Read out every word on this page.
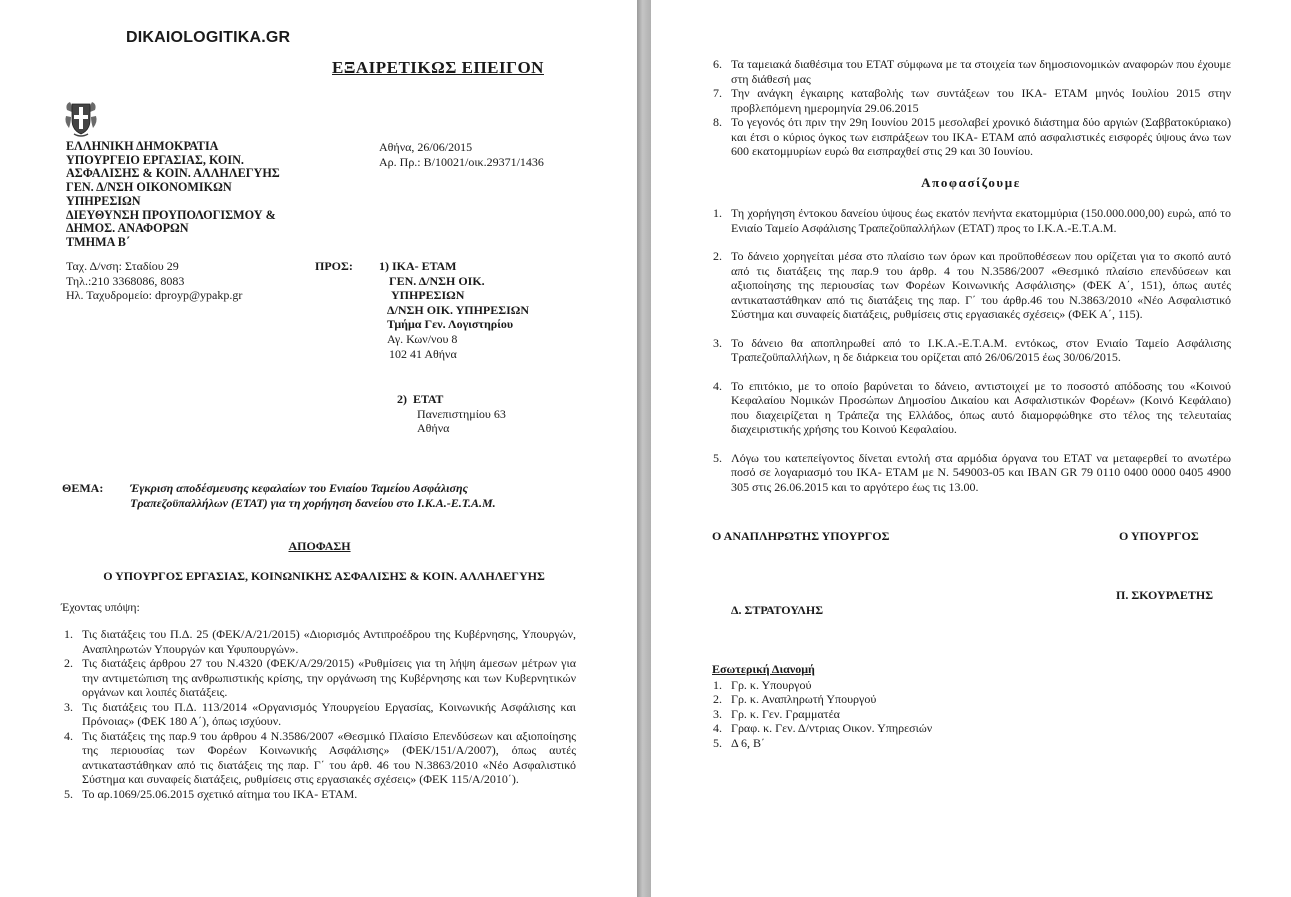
DIKAIOLOGITIKA.GR
ΕΞΑΙΡΕΤΙΚΩΣ ΕΠΕΙΓΟΝ
ΕΛΛΗΝΙΚΗ ΔΗΜΟΚΡΑΤΙΑ
ΥΠΟΥΡΓΕΙΟ ΕΡΓΑΣΙΑΣ, ΚΟΙΝ.
ΑΣΦΑΛΙΣΗΣ & ΚΟΙΝ. ΑΛΛΗΛΕΓΥΗΣ
ΓΕΝ. Δ/ΝΣΗ ΟΙΚΟΝΟΜΙΚΩΝ
ΥΠΗΡΕΣΙΩΝ
ΔΙΕΥΘΥΝΣΗ ΠΡΟΥΠΟΛΟΓΙΣΜΟΥ &
ΔΗΜΟΣ. ΑΝΑΦΟΡΩΝ
ΤΜΗΜΑ Β΄
Ταχ. Δ/νση: Σταδίου 29
Τηλ.:210 3368086, 8083
Ηλ. Ταχυδρομείο: dproyp@ypakp.gr
Αθήνα, 26/06/2015
Αρ. Πρ.: Β/10021/οικ.29371/1436
ΠΡΟΣ: 1) ΙΚΑ- ΕΤΑΜ
ΓΕΝ. Δ/ΝΣΗ ΟΙΚ.
ΥΠΗΡΕΣΙΩΝ
Δ/ΝΣΗ ΟΙΚ. ΥΠΗΡΕΣΙΩΝ
Τμήμα Γεν. Λογιστηρίου
Αγ. Κων/νου 8
102 41 Αθήνα
2) ΕΤΑΤ
Πανεπιστημίου 63
Αθήνα
ΘΕΜΑ: Έγκριση αποδέσμευσης κεφαλαίων του Ενιαίου Ταμείου Ασφάλισης
Τραπεζοϋπαλλήλων (ΕΤΑΤ) για τη χορήγηση δανείου στο Ι.Κ.Α.-Ε.Τ.Α.Μ.
ΑΠΟΦΑΣΗ
Ο ΥΠΟΥΡΓΟΣ ΕΡΓΑΣΙΑΣ, ΚΟΙΝΩΝΙΚΗΣ ΑΣΦΑΛΙΣΗΣ & ΚΟΙΝ. ΑΛΛΗΛΕΓΥΗΣ
Έχοντας υπόψη:
1. Τις διατάξεις του Π.Δ. 25 (ΦΕΚ/Α/21/2015) «Διορισμός Αντιπροέδρου της Κυβέρνησης, Υπουργών, Αναπληρωτών Υπουργών και Υφυπουργών».
2. Τις διατάξεις άρθρου 27 του Ν.4320 (ΦΕΚ/Α/29/2015) «Ρυθμίσεις για τη λήψη άμεσων μέτρων για την αντιμετώπιση της ανθρωπιστικής κρίσης, την οργάνωση της Κυβέρνησης και των Κυβερνητικών οργάνων και λοιπές διατάξεις.
3. Τις διατάξεις του Π.Δ. 113/2014 «Οργανισμός Υπουργείου Εργασίας, Κοινωνικής Ασφάλισης και Πρόνοιας» (ΦΕΚ 180 Α΄), όπως ισχύουν.
4. Τις διατάξεις της παρ.9 του άρθρου 4 Ν.3586/2007 «Θεσμικό Πλαίσιο Επενδύσεων και αξιοποίησης της περιουσίας των Φορέων Κοινωνικής Ασφάλισης» (ΦΕΚ/151/Α/2007), όπως αυτές αντικαταστάθηκαν από τις διατάξεις της παρ. Γ΄ του άρθ. 46 του Ν.3863/2010 «Νέο Ασφαλιστικό Σύστημα και συναφείς διατάξεις, ρυθμίσεις στις εργασιακές σχέσεις» (ΦΕΚ 115/Α/2010΄).
5. Το αρ.1069/25.06.2015 σχετικό αίτημα του ΙΚΑ- ΕΤΑΜ.
6. Τα ταμειακά διαθέσιμα του ΕΤΑΤ σύμφωνα με τα στοιχεία των δημοσιονομικών αναφορών που έχουμε στη διάθεσή μας
7. Την ανάγκη έγκαιρης καταβολής των συντάξεων του ΙΚΑ- ΕΤΑΜ μηνός Ιουλίου 2015 στην προβλεπόμενη ημερομηνία 29.06.2015
8. Το γεγονός ότι πριν την 29η Ιουνίου 2015 μεσολαβεί χρονικό διάστημα δύο αργιών (Σαββατοκύριακο) και έτσι ο κύριος όγκος των εισπράξεων του ΙΚΑ- ΕΤΑΜ από ασφαλιστικές εισφορές ύψους άνω των 600 εκατομμυρίων ευρώ θα εισπραχθεί στις 29 και 30 Ιουνίου.
Αποφασίζουμε
1. Τη χορήγηση έντοκου δανείου ύψους έως εκατόν πενήντα εκατομμύρια (150.000.000,00) ευρώ, από το Ενιαίο Ταμείο Ασφάλισης Τραπεζοϋπαλλήλων (ΕΤΑΤ) προς το Ι.Κ.Α.-Ε.Τ.Α.Μ.
2. Το δάνειο χορηγείται μέσα στο πλαίσιο των όρων και προϋποθέσεων που ορίζεται για το σκοπό αυτό από τις διατάξεις της παρ.9 του άρθρ. 4 του Ν.3586/2007 «Θεσμικό πλαίσιο επενδύσεων και αξιοποίησης της περιουσίας των Φορέων Κοινωνικής Ασφάλισης» (ΦΕΚ Α΄, 151), όπως αυτές αντικαταστάθηκαν από τις διατάξεις της παρ. Γ΄ του άρθρ.46 του Ν.3863/2010 «Νέο Ασφαλιστικό Σύστημα και συναφείς διατάξεις, ρυθμίσεις στις εργασιακές σχέσεις» (ΦΕΚ Α΄, 115).
3. Το δάνειο θα αποπληρωθεί από το Ι.Κ.Α.-Ε.Τ.Α.Μ. εντόκως, στον Ενιαίο Ταμείο Ασφάλισης Τραπεζοϋπαλλήλων, η δε διάρκεια του ορίζεται από 26/06/2015 έως 30/06/2015.
4. Το επιτόκιο, με το οποίο βαρύνεται το δάνειο, αντιστοιχεί με το ποσοστό απόδοσης του «Κοινού Κεφαλαίου Νομικών Προσώπων Δημοσίου Δικαίου και Ασφαλιστικών Φορέων» (Κοινό Κεφάλαιο) που διαχειρίζεται η Τράπεζα της Ελλάδος, όπως αυτό διαμορφώθηκε στο τέλος της τελευταίας διαχειριστικής χρήσης του Κοινού Κεφαλαίου.
5. Λόγω του κατεπείγοντος δίνεται εντολή στα αρμόδια όργανα του ΕΤΑΤ να μεταφερθεί το ανωτέρω ποσό σε λογαριασμό του ΙΚΑ- ΕΤΑΜ με Ν. 549003-05 και IBAN GR 79 0110 0400 0000 0405 4900 305 στις 26.06.2015 και το αργότερο έως τις 13.00.
Ο ΑΝΑΠΛΗΡΩΤΗΣ ΥΠΟΥΡΓΟΣ	Ο ΥΠΟΥΡΓΟΣ
Π. ΣΚΟΥΡΛΕΤΗΣ
Δ. ΣΤΡΑΤΟΥΛΗΣ
Εσωτερική Διανομή
1. Γρ. κ. Υπουργού
2. Γρ. κ. Αναπληρωτή Υπουργού
3. Γρ. κ. Γεν. Γραμματέα
4. Γραφ. κ. Γεν. Δ/ντριας Οικον. Υπηρεσιών
5. Δ 6, Β΄
